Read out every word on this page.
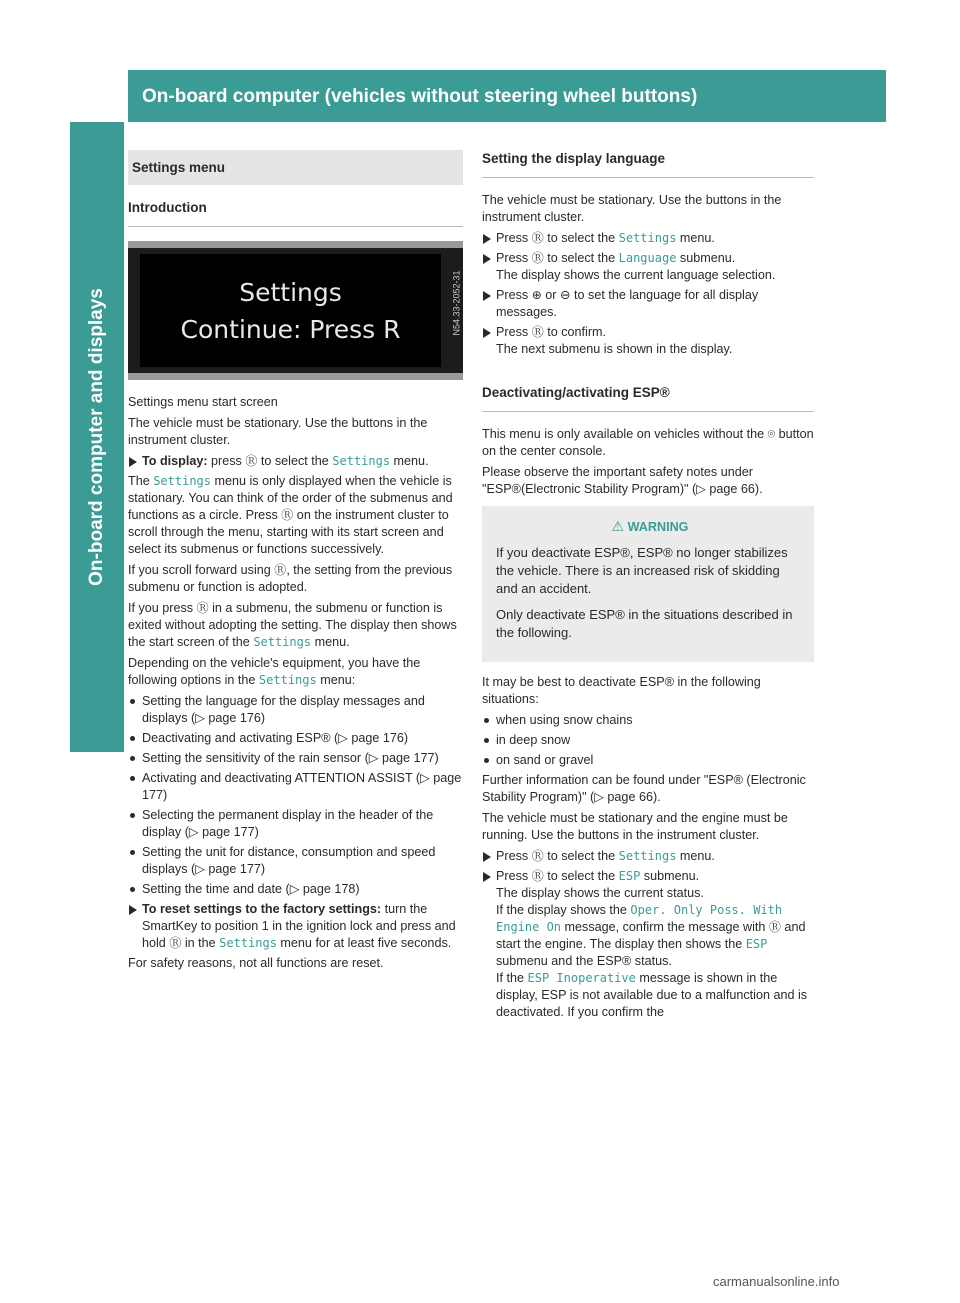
176	On-board computer (vehicles without steering wheel buttons)
On-board computer and displays
Settings menu
Introduction
Settings
Continue: Press R	N54.33-2052-31

Settings menu start screen

The vehicle must be stationary. Use the buttons in the instrument cluster.

To display: press Ⓡ to select the Settings menu.

The Settings menu is only displayed when the vehicle is stationary. You can think of the order of the submenus and functions as a circle. Press Ⓡ on the instrument cluster to scroll through the menu, starting with its start screen and select its submenus or functions successively.

If you scroll forward using Ⓡ, the setting from the previous submenu or function is adopted.

If you press Ⓡ in a submenu, the submenu or function is exited without adopting the setting. The display then shows the start screen of the Settings menu.

Depending on the vehicle's equipment, you have the following options in the Settings menu:

Setting the language for the display messages and displays (▷ page 176)
Deactivating and activating ESP® (▷ page 176)
Setting the sensitivity of the rain sensor (▷ page 177)
Activating and deactivating ATTENTION ASSIST (▷ page 177)
Selecting the permanent display in the header of the display (▷ page 177)
Setting the unit for distance, consumption and speed displays (▷ page 177)
Setting the time and date (▷ page 178)
To reset settings to the factory settings: turn the SmartKey to position 1 in the ignition lock and press and hold Ⓡ in the Settings menu for at least five seconds.

For safety reasons, not all functions are reset.

Setting the display language

The vehicle must be stationary. Use the buttons in the instrument cluster.

Press Ⓡ to select the Settings menu.
Press Ⓡ to select the Language submenu.
The display shows the current language selection.
Press ⊕ or ⊖ to set the language for all display messages.
Press Ⓡ to confirm.
The next submenu is shown in the display.
Deactivating/activating ESP®

This menu is only available on vehicles without the ⌾ button on the center console.

Please observe the important safety notes under "ESP®(Electronic Stability Program)" (▷ page 66).

⚠ WARNING
If you deactivate ESP®, ESP® no longer stabilizes the vehicle. There is an increased risk of skidding and an accident.
Only deactivate ESP® in the situations described in the following.

It may be best to deactivate ESP® in the following situations:

when using snow chains
in deep snow
on sand or gravel

Further information can be found under "ESP® (Electronic Stability Program)" (▷ page 66).

The vehicle must be stationary and the engine must be running. Use the buttons in the instrument cluster.

Press Ⓡ to select the Settings menu.
Press Ⓡ to select the ESP submenu.
The display shows the current status.
If the display shows the Oper. Only Poss. With Engine On message, confirm the message with Ⓡ and start the engine. The display then shows the ESP submenu and the ESP® status.
If the ESP Inoperative message is shown in the display, ESP is not available due to a malfunction and is deactivated. If you confirm the
carmanualsonline.info
